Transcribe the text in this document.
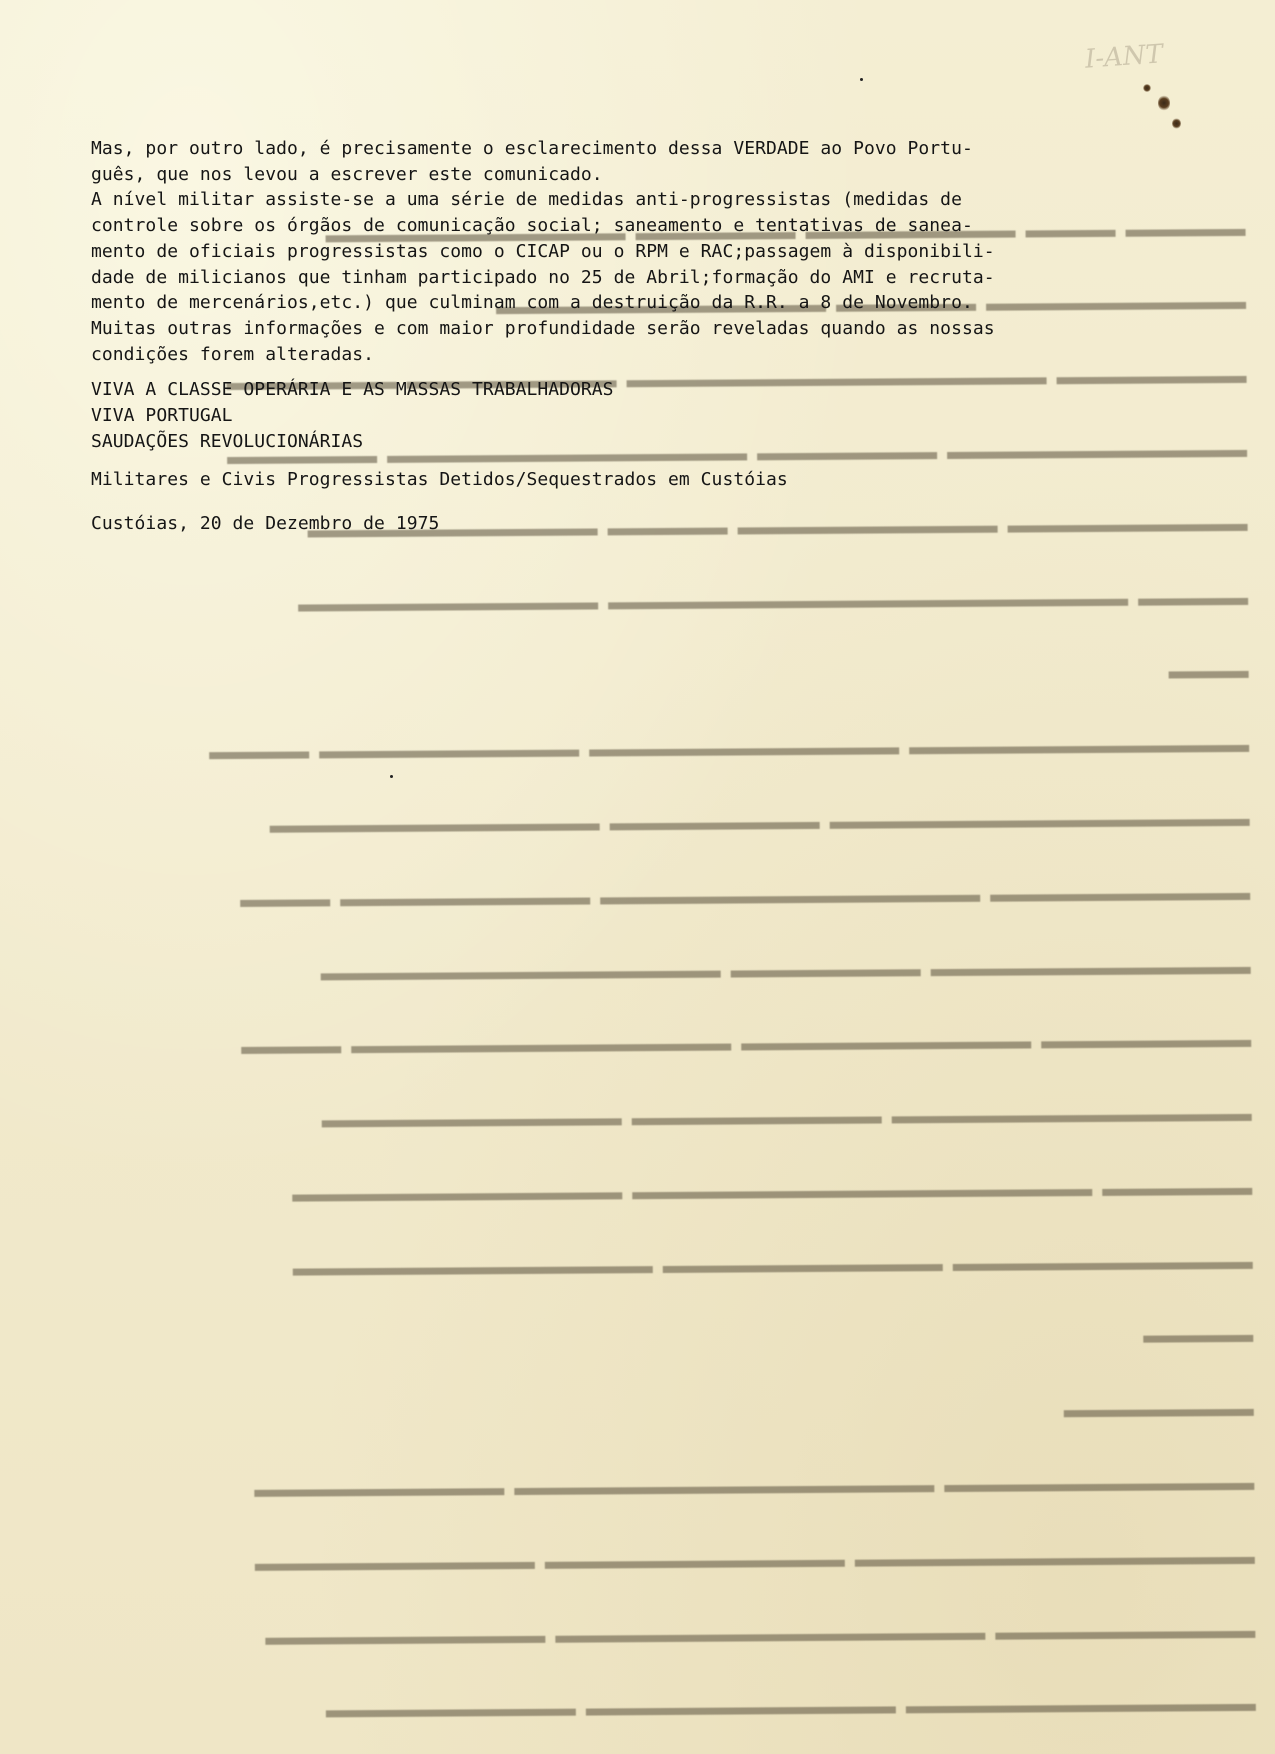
I-ANT

Mas, por outro lado, é precisamente o esclarecimento dessa VERDADE ao Povo Portu-
guês, que nos levou a escrever este comunicado.
A nível militar assiste-se a uma série de medidas anti-progressistas (medidas de
controle sobre os órgãos de comunicação social; saneamento e tentativas de sanea-
mento de oficiais progressistas como o CICAP ou o RPM e RAC;passagem à disponibili-
dade de milicianos que tinham participado no 25 de Abril;formação do AMI e recruta-
mento de mercenários,etc.) que culminam com a destruição da R.R. a 8 de Novembro.
Muitas outras informações e com maior profundidade serão reveladas quando as nossas
condições forem alteradas.

VIVA A CLASSE OPERÁRIA E AS MASSAS TRABALHADORAS
VIVA PORTUGAL
SAUDAÇÕES REVOLUCIONÁRIAS
Militares e Civis Progressistas Detidos/Sequestrados em Custóias
Custóias, 20 de Dezembro de 1975
